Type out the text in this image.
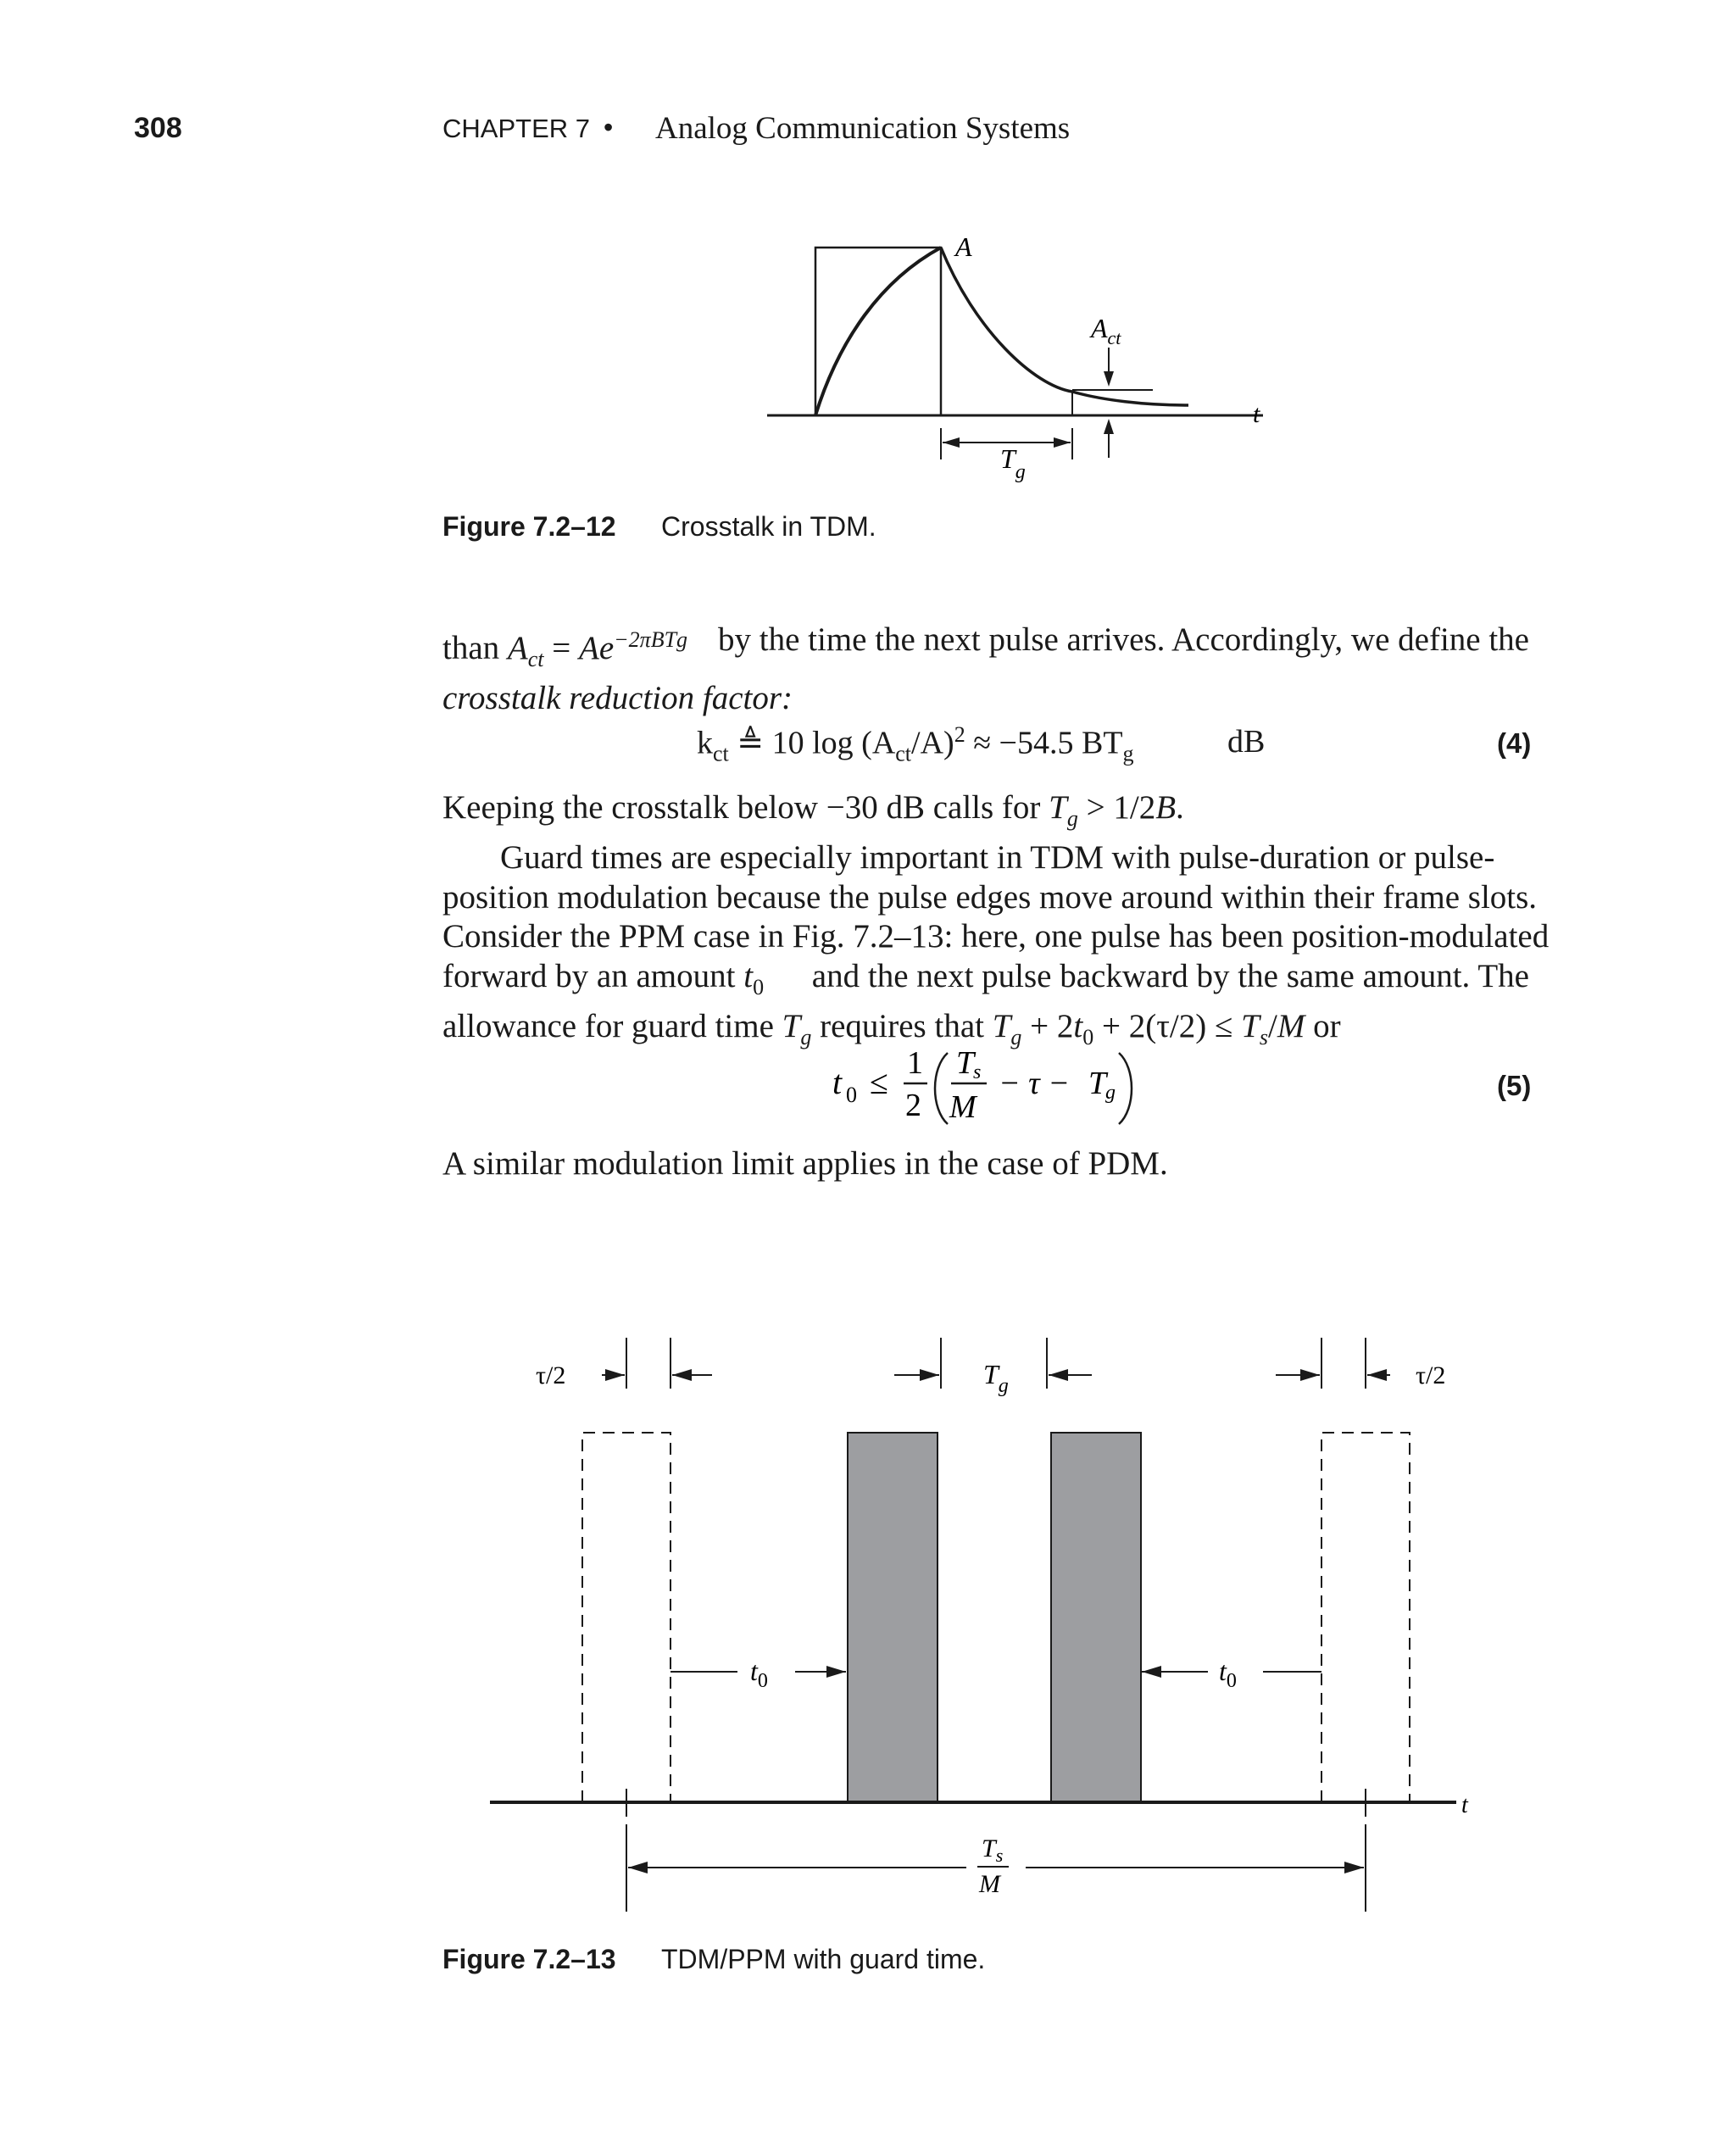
308	CHAPTER 7 • Analog Communication Systems
A
$A_{ct}$
$T_g$
t
Figure 7.2–12 Crosstalk in TDM.
than $A_{ct} = Ae^{-2\pi BTg}$ by the time the next pulse arrives. Accordingly, we define the
crosstalk reduction factor:
$k_{ct}$ ≜ 10 $\log (A_{ct}/A)^2 \approx -54.5$ $BT_g$	dB	(4)
Keeping the crosstalk below −30 dB calls for $T_g > 1/2B$.
Guard times are especially important in TDM with pulse-duration or pulse-
position modulation because the pulse edges move around within their frame slots.
Consider the PPM case in Fig. 7.2–13: here, one pulse has been position-modulated
forward by an amount $t_0$ and the next pulse backward by the same amount. The
allowance for guard time $T_g$ requires that $T_g + 2t_0 + 2(\tau/2) \le T_s/M$ or
t 0 ≤ 1
2
T
s
M
− τ − T
g	(5)
A similar modulation limit applies in the case of PDM.
τ/2	τ/2
$T_g$
$t_0$	$t_0$
t
$T_s$
M
Figure 7.2–13 TDM/PPM with guard time.
